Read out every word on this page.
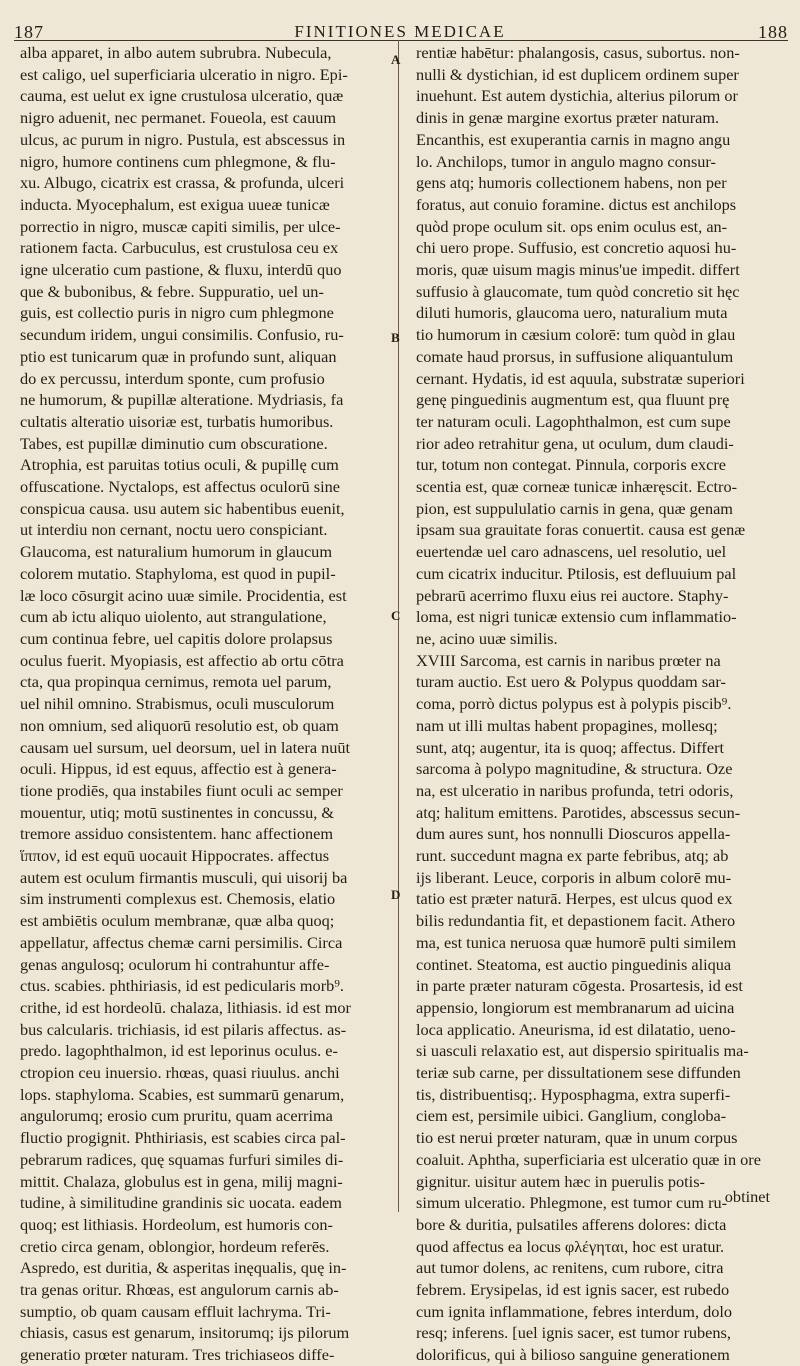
187	FINITIONES MEDICAE	188
A
B
C
D
alba apparet, in albo autem subrubra. Nubecula,
est caligo, uel superficiaria ulceratio in nigro. Epi-
cauma, est uelut ex igne crustulosa ulceratio, quæ
nigro aduenit, nec permanet. Foueola, est cauum
ulcus, ac purum in nigro. Pustula, est abscessus in
nigro, humore continens cum phlegmone, & flu-
xu. Albugo, cicatrix est crassa, & profunda, ulceri
inducta. Myocephalum, est exigua uueæ tunicæ
porrectio in nigro, muscæ capiti similis, per ulce-
rationem facta. Carbuculus, est crustulosa ceu ex
igne ulceratio cum pastione, & fluxu, interdū quo
que & bubonibus, & febre. Suppuratio, uel un-
guis, est collectio puris in nigro cum phlegmone
secundum iridem, ungui consimilis. Confusio, ru-
ptio est tunicarum quæ in profundo sunt, aliquan
do ex percussu, interdum sponte, cum profusio
ne humorum, & pupillæ alteratione. Mydriasis, fa
cultatis alteratio uisoriæ est, turbatis humoribus.
Tabes, est pupillæ diminutio cum obscuratione.
Atrophia, est paruitas totius oculi, & pupillę cum
offuscatione. Nyctalops, est affectus oculorū sine
conspicua causa. usu autem sic habentibus euenit,
ut interdiu non cernant, noctu uero conspiciant.
Glaucoma, est naturalium humorum in glaucum
colorem mutatio. Staphyloma, est quod in pupil-
læ loco cōsurgit acino uuæ simile. Procidentia, est
cum ab ictu aliquo uiolento, aut strangulatione,
cum continua febre, uel capitis dolore prolapsus
oculus fuerit. Myopiasis, est affectio ab ortu cōtra
cta, qua propinqua cernimus, remota uel parum,
uel nihil omnino. Strabismus, oculi musculorum
non omnium, sed aliquorū resolutio est, ob quam
causam uel sursum, uel deorsum, uel in latera nuūt
oculi. Hippus, id est equus, affectio est à genera-
tione prodiēs, qua instabiles fiunt oculi ac semper
mouentur, utiq; motū sustinentes in concussu, &
tremore assiduo consistentem. hanc affectionem
ἵππον, id est equū uocauit Hippocrates. affectus
autem est oculum firmantis musculi, qui uisorij ba
sim instrumenti complexus est. Chemosis, elatio
est ambiētis oculum membranæ, quæ alba quoq;
appellatur, affectus chemæ carni persimilis. Circa
genas angulosq; oculorum hi contrahuntur affe-
ctus. scabies. phthiriasis, id est pedicularis morb⁹.
crithe, id est hordeolū. chalaza, lithiasis. id est mor
bus calcularis. trichiasis, id est pilaris affectus. as-
predo. lagophthalmon, id est leporinus oculus. e-
ctropion ceu inuersio. rhœas, quasi riuulus. anchi
lops. staphyloma. Scabies, est summarū genarum,
angulorumq; erosio cum pruritu, quam acerrima
fluctio progignit. Phthiriasis, est scabies circa pal-
pebrarum radices, quę squamas furfuri similes di-
mittit. Chalaza, globulus est in gena, milij magni-
tudine, à similitudine grandinis sic uocata. eadem
quoq; est lithiasis. Hordeolum, est humoris con-
cretio circa genam, oblongior, hordeum referēs.
Aspredo, est duritia, & asperitas inęqualis, quę in-
tra genas oritur. Rhœas, est angulorum carnis ab-
sumptio, ob quam causam effluit lachryma. Tri-
chiasis, casus est genarum, insitorumq; ijs pilorum
generatio prœter naturam. Tres trichiaseos diffe-
rentiæ habētur: phalangosis, casus, subortus. non-
nulli & dystichian, id est duplicem ordinem super
inuehunt. Est autem dystichia, alterius pilorum or
dinis in genæ margine exortus præter naturam.
Encanthis, est exuperantia carnis in magno angu
lo. Anchilops, tumor in angulo magno consur-
gens atq; humoris collectionem habens, non per
foratus, aut conuio foramine. dictus est anchilops
quòd prope oculum sit. ops enim oculus est, an-
chi uero prope. Suffusio, est concretio aquosi hu-
moris, quæ uisum magis minus'ue impedit. differt
suffusio à glaucomate, tum quòd concretio sit hęc
diluti humoris, glaucoma uero, naturalium muta
tio humorum in cæsium colorē: tum quòd in glau
comate haud prorsus, in suffusione aliquantulum
cernant. Hydatis, id est aquula, substratæ superiori
genę pinguedinis augmentum est, qua fluunt prę
ter naturam oculi. Lagophthalmon, est cum supe
rior adeo retrahitur gena, ut oculum, dum claudi-
tur, totum non contegat. Pinnula, corporis excre
scentia est, quæ corneæ tunicæ inhæręscit. Ectro-
pion, est suppululatio carnis in gena, quæ genam
ipsam sua grauitate foras conuertit. causa est genæ
euertendæ uel caro adnascens, uel resolutio, uel
cum cicatrix inducitur. Ptilosis, est defluuium pal
pebrarū acerrimo fluxu eius rei auctore. Staphy-
loma, est nigri tunicæ extensio cum inflammatio-
ne, acino uuæ similis.
XVIII Sarcoma, est carnis in naribus prœter na
turam auctio. Est uero & Polypus quoddam sar-
coma, porrò dictus polypus est à polypis piscib⁹.
nam ut illi multas habent propagines, mollesq;
sunt, atq; augentur, ita is quoq; affectus. Differt
sarcoma à polypo magnitudine, & structura. Oze
na, est ulceratio in naribus profunda, tetri odoris,
atq; halitum emittens. Parotides, abscessus secun-
dum aures sunt, hos nonnulli Dioscuros appella-
runt. succedunt magna ex parte febribus, atq; ab
ijs liberant. Leuce, corporis in album colorē mu-
tatio est præter naturā. Herpes, est ulcus quod ex
bilis redundantia fit, et depastionem facit. Athero
ma, est tunica neruosa quæ humorē pulti similem
continet. Steatoma, est auctio pinguedinis aliqua
in parte præter naturam cōgesta. Prosartesis, id est
appensio, longiorum est membranarum ad uicina
loca applicatio. Aneurisma, id est dilatatio, ueno-
si uasculi relaxatio est, aut dispersio spiritualis ma-
teriæ sub carne, per dissultationem sese diffunden
tis, distribuentisq;. Hyposphagma, extra superfi-
ciem est, persimile uibici. Ganglium, congloba-
tio est nerui prœter naturam, quæ in unum corpus
coaluit. Aphtha, superficiaria est ulceratio quæ in ore
gignitur. uisitur autem hæc in puerulis potis-
simum ulceratio. Phlegmone, est tumor cum ru-
bore & duritia, pulsatiles afferens dolores: dicta
quod affectus ea locus φλέγηται, hoc est uratur.
aut tumor dolens, ac renitens, cum rubore, citra
febrem. Erysipelas, id est ignis sacer, est rubedo
cum ignita inflammatione, febres interdum, dolo
resq; inferens. [uel ignis sacer, est tumor rubens,
dolorificus, qui à bilioso sanguine generationem
obtinet
